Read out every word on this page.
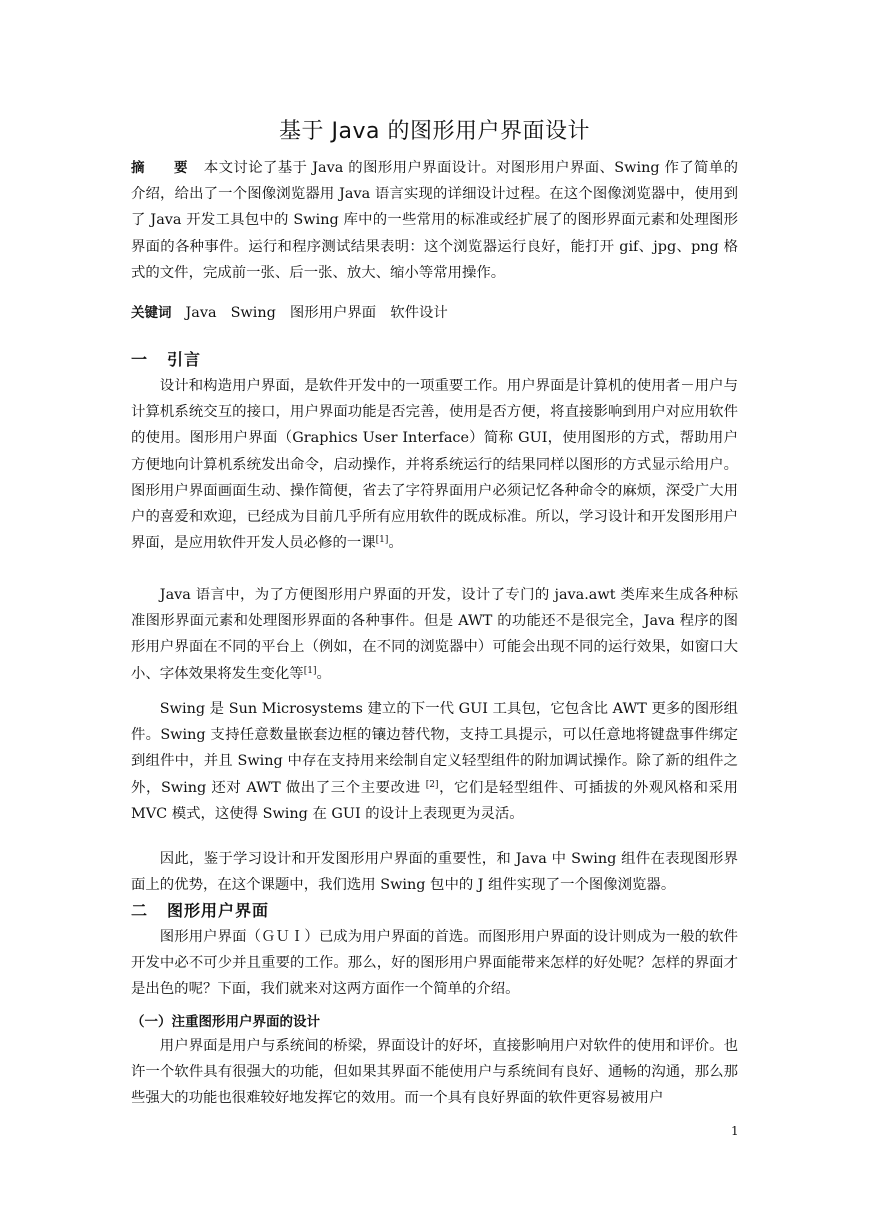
基于 Java 的图形用户界面设计

摘 要 本文讨论了基于 Java 的图形用户界面设计。对图形用户界面、Swing 作了简单的介绍，给出了一个图像浏览器用 Java 语言实现的详细设计过程。在这个图像浏览器中，使用到了 Java 开发工具包中的 Swing 库中的一些常用的标准或经扩展了的图形界面元素和处理图形界面的各种事件。运行和程序测试结果表明：这个浏览器运行良好，能打开 gif、jpg、png 格式的文件，完成前一张、后一张、放大、缩小等常用操作。

关键词 Java Swing 图形用户界面 软件设计

一 引言

设计和构造用户界面，是软件开发中的一项重要工作。用户界面是计算机的使用者－用户与计算机系统交互的接口，用户界面功能是否完善，使用是否方便，将直接影响到用户对应用软件的使用。图形用户界面（Graphics User Interface）简称 GUI，使用图形的方式，帮助用户方便地向计算机系统发出命令，启动操作，并将系统运行的结果同样以图形的方式显示给用户。图形用户界面画面生动、操作简便，省去了字符界面用户必须记忆各种命令的麻烦，深受广大用户的喜爱和欢迎，已经成为目前几乎所有应用软件的既成标准。所以，学习设计和开发图形用户界面，是应用软件开发人员必修的一课[1]。

Java 语言中，为了方便图形用户界面的开发，设计了专门的 java.awt 类库来生成各种标准图形界面元素和处理图形界面的各种事件。但是 AWT 的功能还不是很完全，Java 程序的图形用户界面在不同的平台上（例如，在不同的浏览器中）可能会出现不同的运行效果，如窗口大小、字体效果将发生变化等[1]。

Swing 是 Sun Microsystems 建立的下一代 GUI 工具包，它包含比 AWT 更多的图形组件。Swing 支持任意数量嵌套边框的镶边替代物，支持工具提示，可以任意地将键盘事件绑定到组件中，并且 Swing 中存在支持用来绘制自定义轻型组件的附加调试操作。除了新的组件之外，Swing 还对 AWT 做出了三个主要改进 [2]，它们是轻型组件、可插拔的外观风格和采用 MVC 模式，这使得 Swing 在 GUI 的设计上表现更为灵活。

因此，鉴于学习设计和开发图形用户界面的重要性，和 Java 中 Swing 组件在表现图形界面上的优势，在这个课题中，我们选用 Swing 包中的 J 组件实现了一个图像浏览器。

二 图形用户界面

图形用户界面（ＧＵＩ）已成为用户界面的首选。而图形用户界面的设计则成为一般的软件开发中必不可少并且重要的工作。那么，好的图形用户界面能带来怎样的好处呢？怎样的界面才是出色的呢？下面，我们就来对这两方面作一个简单的介绍。

（一）注重图形用户界面的设计

用户界面是用户与系统间的桥梁，界面设计的好坏，直接影响用户对软件的使用和评价。也许一个软件具有很强大的功能，但如果其界面不能使用户与系统间有良好、通畅的沟通，那么那些强大的功能也很难较好地发挥它的效用。而一个具有良好界面的软件更容易被用户

1
